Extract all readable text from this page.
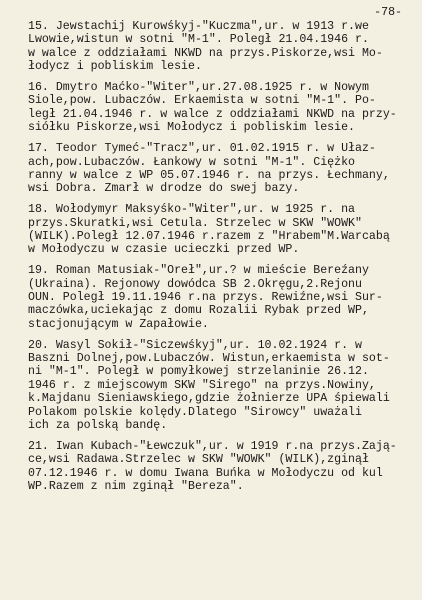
-78-
15. Jewstachij Kurowśkyj-"Kuczma",ur. w 1913 r.we
Lwowie,wistun w sotni "M-1". Poległ 21.04.1946 r.
w walce z oddziałami NKWD na przys.Piskorze,wsi Mo-
łodycz i pobliskim lesie.
16. Dmytro Maćko-"Witer",ur.27.08.1925 r. w Nowym
Siole,pow. Lubaczów. Erkaemista w sotni "M-1". Po-
legł 21.04.1946 r. w walce z oddziałami NKWD na przy-
siółku Piskorze,wsi Mołodycz i pobliskim lesie.
17. Teodor Tymeć-"Tracz",ur. 01.02.1915 r. w Ułaz-
ach,pow.Lubaczów. Łankowy w sotni "M-1". Ciężko
ranny w walce z WP 05.07.1946 r. na przys. Łechmany,
wsi Dobra. Zmarł w drodze do swej bazy.
18. Wołodymyr Maksyśko-"Witer",ur. w 1925 r. na
przys.Skuratki,wsi Cetula. Strzelec w SKW "WOWK"
(WILK).Poległ 12.07.1946 r.razem z "Hrabem"M.Warcabą
w Mołodyczu w czasie ucieczki przed WP.
19. Roman Matusiak-"Oreł",ur.? w mieście Bereźany
(Ukraina). Rejonowy dowódca SB 2.Okręgu,2.Rejonu
OUN. Poległ 19.11.1946 r.na przys. Rewiźne,wsi Sur-
maczówka,uciekając z domu Rozalii Rybak przed WP,
stacjonującym w Zapałowie.
20. Wasyl Sokił-"Siczewśkyj",ur. 10.02.1924 r. w
Baszni Dolnej,pow.Lubaczów. Wistun,erkaemista w sot-
ni "M-1". Poległ w pomyłkowej strzelaninie 26.12.
1946 r. z miejscowym SKW "Sirego" na przys.Nowiny,
k.Majdanu Sieniawskiego,gdzie żołnierze UPA śpiewali
Polakom polskie kolędy.Dlatego "Sirowcy" uważali
ich za polską bandę.
21. Iwan Kubach-"Łewczuk",ur. w 1919 r.na przys.Zają-
ce,wsi Radawa.Strzelec w SKW "WOWK" (WILK),zginął
07.12.1946 r. w domu Iwana Buńka w Mołodyczu od kul
WP.Razem z nim zginął "Bereza".
